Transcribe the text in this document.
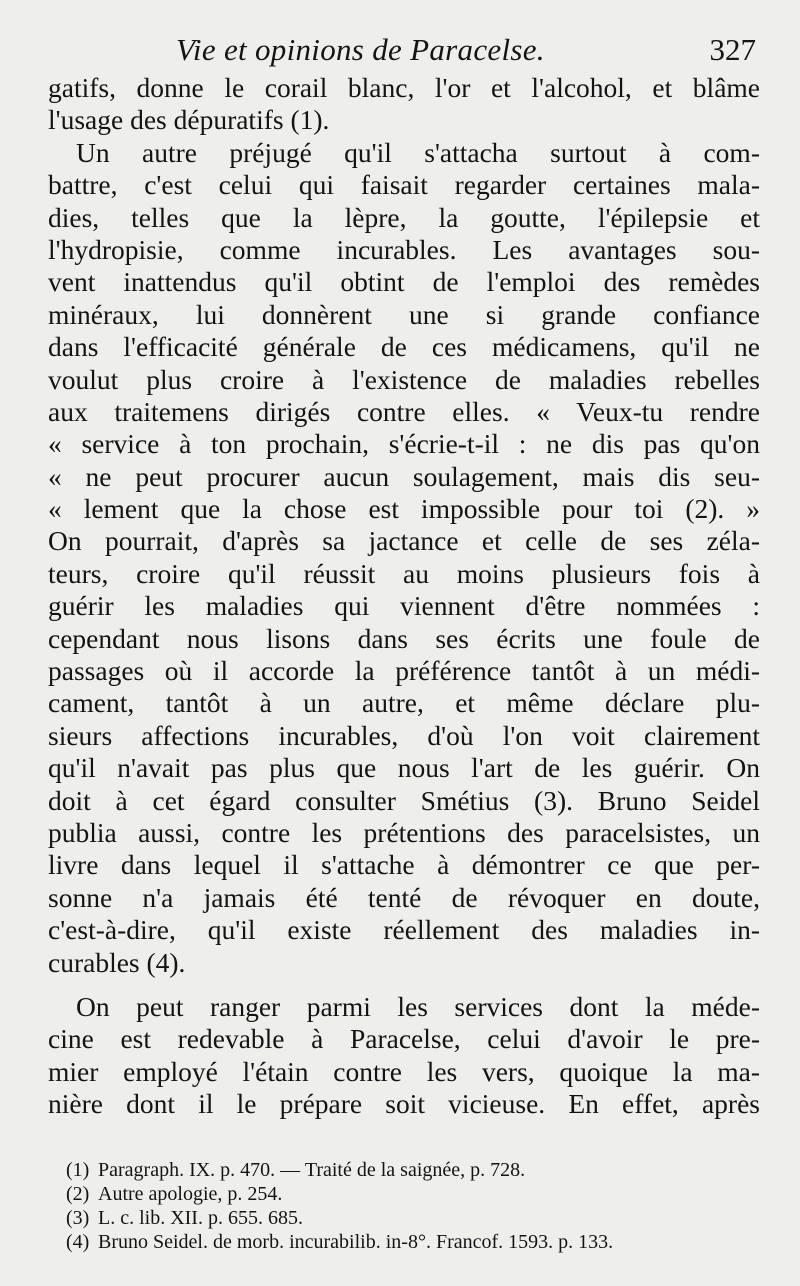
Vie et opinions de Paracelse.	327
gatifs, donne le corail blanc, l'or et l'alcohol, et blâme
l'usage des dépuratifs (1).
Un autre préjugé qu'il s'attacha surtout à com-
battre, c'est celui qui faisait regarder certaines mala-
dies, telles que la lèpre, la goutte, l'épilepsie et
l'hydropisie, comme incurables. Les avantages sou-
vent inattendus qu'il obtint de l'emploi des remèdes
minéraux, lui donnèrent une si grande confiance
dans l'efficacité générale de ces médicamens, qu'il ne
voulut plus croire à l'existence de maladies rebelles
aux traitemens dirigés contre elles. « Veux-tu rendre
« service à ton prochain, s'écrie-t-il : ne dis pas qu'on
« ne peut procurer aucun soulagement, mais dis seu-
« lement que la chose est impossible pour toi (2). »
On pourrait, d'après sa jactance et celle de ses zéla-
teurs, croire qu'il réussit au moins plusieurs fois à
guérir les maladies qui viennent d'être nommées :
cependant nous lisons dans ses écrits une foule de
passages où il accorde la préférence tantôt à un médi-
cament, tantôt à un autre, et même déclare plu-
sieurs affections incurables, d'où l'on voit clairement
qu'il n'avait pas plus que nous l'art de les guérir. On
doit à cet égard consulter Smétius (3). Bruno Seidel
publia aussi, contre les prétentions des paracelsistes, un
livre dans lequel il s'attache à démontrer ce que per-
sonne n'a jamais été tenté de révoquer en doute,
c'est-à-dire, qu'il existe réellement des maladies in-
curables (4).
On peut ranger parmi les services dont la méde-
cine est redevable à Paracelse, celui d'avoir le pre-
mier employé l'étain contre les vers, quoique la ma-
nière dont il le prépare soit vicieuse. En effet, après
(1) Paragraph. IX. p. 470. — Traité de la saignée, p. 728.
(2) Autre apologie, p. 254.
(3) L. c. lib. XII. p. 655. 685.
(4) Bruno Seidel. de morb. incurabilib. in-8°. Francof. 1593. p. 133.
